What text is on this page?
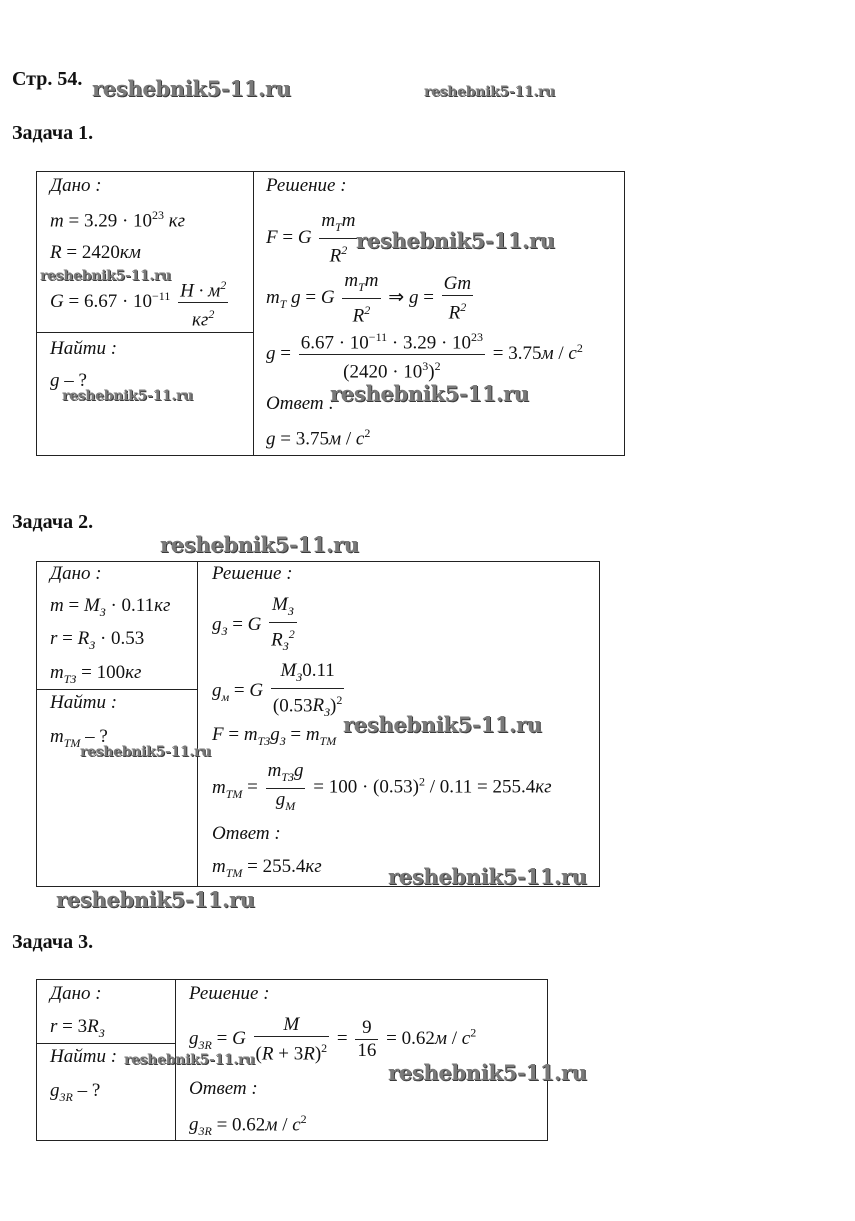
Стр. 54. reshebnik5-11.ru	reshebnik5-11.ru
Задача 1.

Дано :
$m = 3.29 \cdot 10^{23}$ кг
R = 2420км
$G = 6.67 \cdot 10^{-11} \frac{Н \cdot м^2}{кг^2}$
Найти :
g – ?
Решение :
F = G $\frac{m_Tm}{R^2}$
$m_T$ g = G $\frac{m_Tm}{R^2}$ ⇒ $g = \frac{Gm}{R^2}$
$g = \frac{6.67 \cdot 10^{-11} \cdot 3.29 \cdot 10^{23}}{(2420 \cdot 10^3)^2} = 3.75м / с^2$
Ответ :
$g = 3.75м / с^2$
reshebnik5-11.ru
reshebnik5-11.ru
reshebnik5-11.ru	reshebnik5-11.ru
Задача 2.
reshebnik5-11.ru

Дано :
$m = M_З \cdot 0.11кг$
$r = R_З \cdot 0.53$
$m_{ТЗ} = 100кг$
Найти :
$m_{ТМ}$ – ?
Решение :
$g_З = G \frac{M_З}{R_З^2}$
$g_м = G \frac{M_З0.11}{(0.53R_З)^2}$
$F = m_{ТЗ}g_З = m_{ТМ}$
$m_{ТМ} = \frac{m_{ТЗ}g}{g_М} = 100 \cdot (0.53)^2 / 0.11 = 255.4кг$
Ответ :
$m_{ТМ} = 255.4кг$
reshebnik5-11.ru
reshebnik5-11.ru
reshebnik5-11.ru
reshebnik5-11.ru
Задача 3.

Дано :
$r = 3R_З$
Найти :
$g_{3R}$ – ?
Решение :
$g_{3R} = G \frac{M}{(R + 3R)^2} = \frac{9}{16} = 0.62м / с^2$
Ответ :
$g_{3R} = 0.62м / с^2$
reshebnik5-11.ru	reshebnik5-11.ru
